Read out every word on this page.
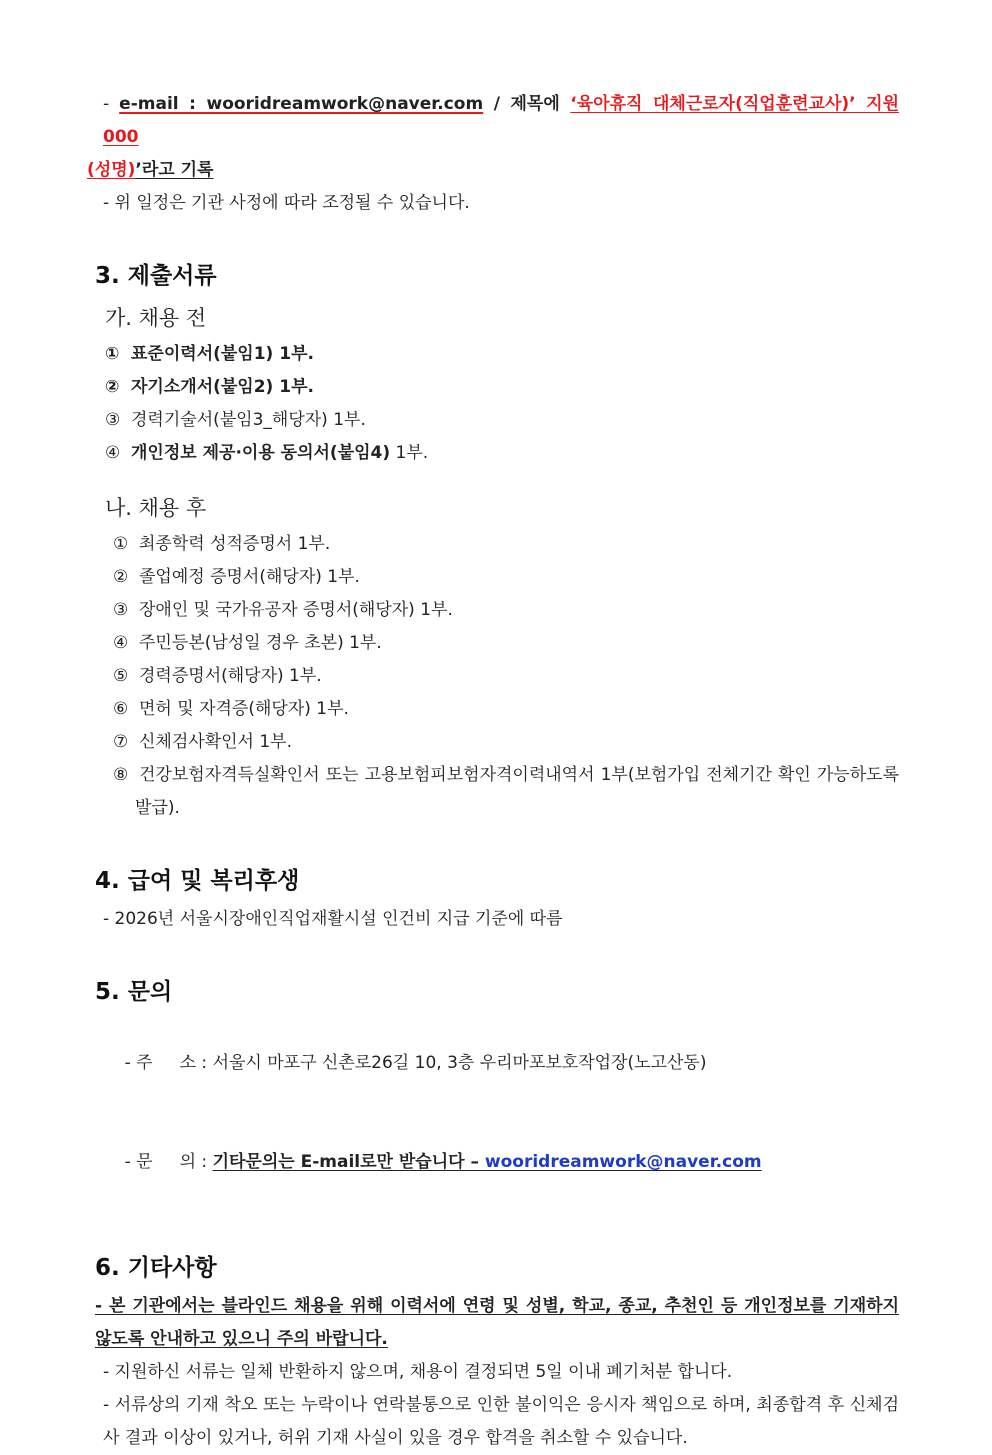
- e-mail : wooridreamwork@naver.com / 제목에 ‘육아휴직 대체근로자(직업훈련교사)’ 지원 000
(성명)’라고 기록
- 위 일정은 기관 사정에 따라 조정될 수 있습니다.
3. 제출서류
가. 채용 전
① 표준이력서(붙임1) 1부.
② 자기소개서(붙임2) 1부.
③ 경력기술서(붙임3_해당자) 1부.
④ 개인정보 제공·이용 동의서(붙임4) 1부.
나. 채용 후
① 최종학력 성적증명서 1부.
② 졸업예정 증명서(해당자) 1부.
③ 장애인 및 국가유공자 증명서(해당자) 1부.
④ 주민등본(남성일 경우 초본) 1부.
⑤ 경력증명서(해당자) 1부.
⑥ 면허 및 자격증(해당자) 1부.
⑦ 신체검사확인서 1부.
⑧ 건강보험자격득실확인서 또는 고용보험피보험자격이력내역서 1부(보험가입 전체기간 확인 가능하도록 발급).
4. 급여 및 복리후생
- 2026년 서울시장애인직업재활시설 인건비 지급 기준에 따름
5. 문의

- 주     소 : 서울시 마포구 신촌로26길 10, 3층 우리마포보호작업장(노고산동)

- 문     의 : 기타문의는 E-mail로만 받습니다 – wooridreamwork@naver.com

6. 기타사항
- 본 기관에서는 블라인드 채용을 위해 이력서에 연령 및 성별, 학교, 종교, 추천인 등 개인정보를 기재하지 않도록 안내하고 있으니 주의 바랍니다.
- 지원하신 서류는 일체 반환하지 않으며, 채용이 결정되면 5일 이내 폐기처분 합니다.
- 서류상의 기재 착오 또는 누락이나 연락불통으로 인한 불이익은 응시자 책임으로 하며, 최종합격 후 신체검사 결과 이상이 있거나, 허위 기재 사실이 있을 경우 합격을 취소할 수 있습니다.
